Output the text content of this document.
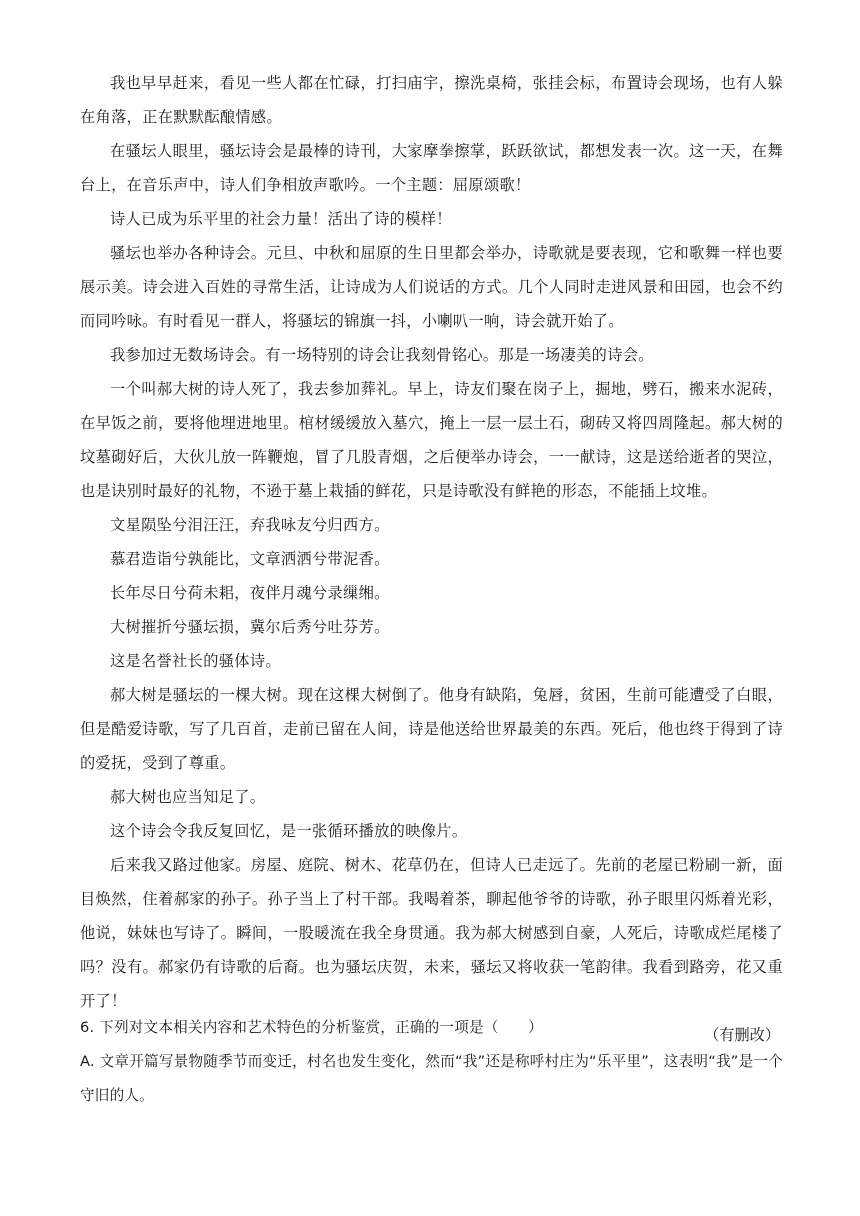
我也早早赶来，看见一些人都在忙碌，打扫庙宇，擦洗桌椅，张挂会标，布置诗会现场，也有人躲在角落，正在默默酝酿情感。

在骚坛人眼里，骚坛诗会是最棒的诗刊，大家摩拳擦掌，跃跃欲试，都想发表一次。这一天，在舞台上，在音乐声中，诗人们争相放声歌吟。一个主题：屈原颂歌！

诗人已成为乐平里的社会力量！活出了诗的模样！

骚坛也举办各种诗会。元旦、中秋和屈原的生日里都会举办，诗歌就是要表现，它和歌舞一样也要展示美。诗会进入百姓的寻常生活，让诗成为人们说话的方式。几个人同时走进风景和田园，也会不约而同吟咏。有时看见一群人，将骚坛的锦旗一抖，小喇叭一响，诗会就开始了。

我参加过无数场诗会。有一场特别的诗会让我刻骨铭心。那是一场凄美的诗会。

一个叫郝大树的诗人死了，我去参加葬礼。早上，诗友们聚在岗子上，掘地，劈石，搬来水泥砖，在早饭之前，要将他埋进地里。棺材缓缓放入墓穴，掩上一层一层土石，砌砖又将四周隆起。郝大树的坟墓砌好后，大伙儿放一阵鞭炮，冒了几股青烟，之后便举办诗会，一一献诗，这是送给逝者的哭泣，也是诀别时最好的礼物，不逊于墓上栽插的鲜花，只是诗歌没有鲜艳的形态，不能插上坟堆。

文星陨坠兮泪汪汪，弃我咏友兮归西方。

慕君造诣兮孰能比，文章洒洒兮带泥香。

长年尽日兮荷未耜，夜伴月魂兮录缫缃。

大树摧折兮骚坛损，冀尔后秀兮吐芬芳。

这是名誉社长的骚体诗。

郝大树是骚坛的一棵大树。现在这棵大树倒了。他身有缺陷，兔唇，贫困，生前可能遭受了白眼，但是酷爱诗歌，写了几百首，走前已留在人间，诗是他送给世界最美的东西。死后，他也终于得到了诗的爱抚，受到了尊重。

郝大树也应当知足了。

这个诗会令我反复回忆，是一张循环播放的映像片。

后来我又路过他家。房屋、庭院、树木、花草仍在，但诗人已走远了。先前的老屋已粉刷一新，面目焕然，住着郝家的孙子。孙子当上了村干部。我喝着茶，聊起他爷爷的诗歌，孙子眼里闪烁着光彩，他说，妹妹也写诗了。瞬间，一股暖流在我全身贯通。我为郝大树感到自豪，人死后，诗歌成烂尾楼了吗？没有。郝家仍有诗歌的后裔。也为骚坛庆贺，未来，骚坛又将收获一笔韵律。我看到路旁，花又重开了！

（有删改）

6. 下列对文本相关内容和艺术特色的分析鉴赏，正确的一项是（　　）

A. 文章开篇写景物随季节而变迁，村名也发生变化，然而“我”还是称呼村庄为“乐平里”，这表明“我”是一个守旧的人。
